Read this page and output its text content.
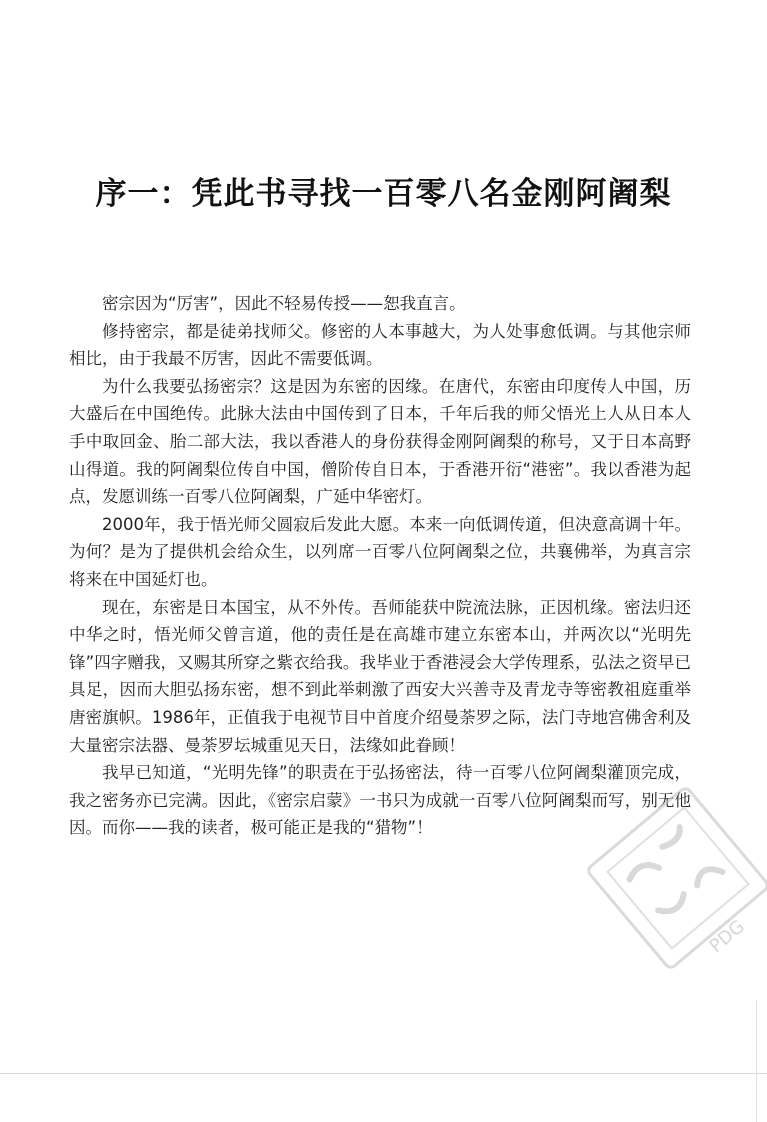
序一：凭此书寻找一百零八名金刚阿阇梨

密宗因为“厉害”，因此不轻易传授——恕我直言。

修持密宗，都是徒弟找师父。修密的人本事越大，为人处事愈低调。与其他宗师相比，由于我最不厉害，因此不需要低调。

为什么我要弘扬密宗？这是因为东密的因缘。在唐代，东密由印度传人中国，历大盛后在中国绝传。此脉大法由中国传到了日本，千年后我的师父悟光上人从日本人手中取回金、胎二部大法，我以香港人的身份获得金刚阿阇梨的称号，又于日本高野山得道。我的阿阇梨位传自中国，僧阶传自日本，于香港开衍“港密”。我以香港为起点，发愿训练一百零八位阿阇梨，广延中华密灯。

2000年，我于悟光师父圆寂后发此大愿。本来一向低调传道，但决意高调十年。为何？是为了提供机会给众生，以列席一百零八位阿阇梨之位，共襄佛举，为真言宗将来在中国延灯也。

现在，东密是日本国宝，从不外传。吾师能获中院流法脉，正因机缘。密法归还中华之时，悟光师父曾言道，他的责任是在高雄市建立东密本山，并两次以“光明先锋”四字赠我，又赐其所穿之紫衣给我。我毕业于香港浸会大学传理系，弘法之资早已具足，因而大胆弘扬东密，想不到此举刺激了西安大兴善寺及青龙寺等密教祖庭重举唐密旗帜。1986年，正值我于电视节目中首度介绍曼荼罗之际，法门寺地宫佛舍利及大量密宗法器、曼荼罗坛城重见天日，法缘如此眷顾！

我早已知道，“光明先锋”的职责在于弘扬密法，待一百零八位阿阇梨灌顶完成，我之密务亦已完满。因此，《密宗启蒙》一书只为成就一百零八位阿阇梨而写，别无他因。而你——我的读者，极可能正是我的“猎物”！

PDG
